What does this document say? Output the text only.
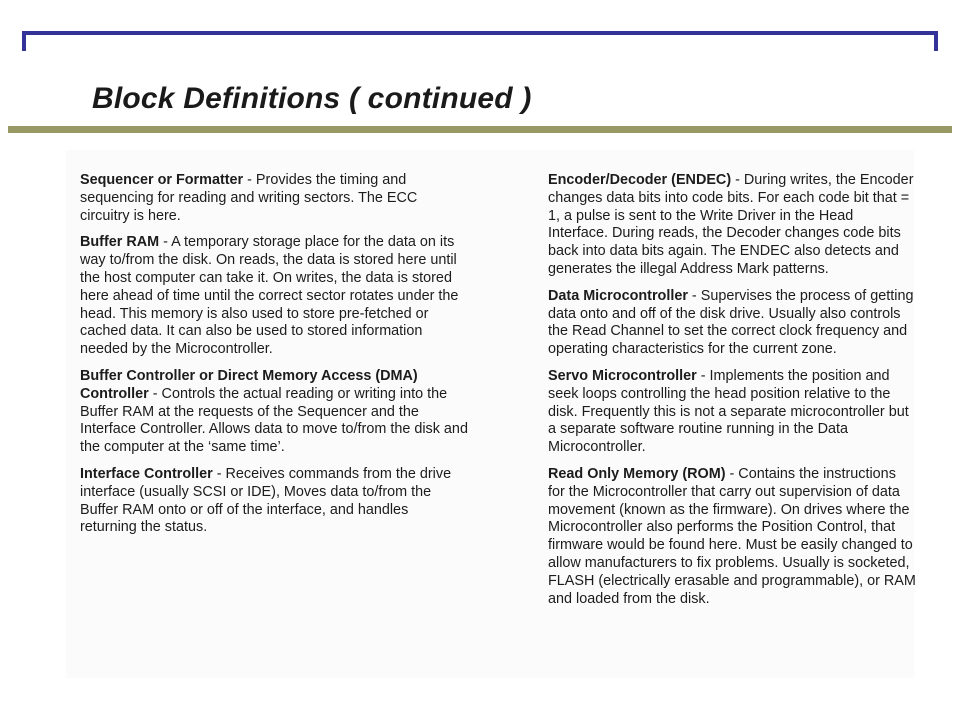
Block Definitions ( continued )

Sequencer or Formatter - Provides the timing and sequencing for reading and writing sectors. The ECC circuitry is here.

Buffer RAM - A temporary storage place for the data on its way to/from the disk. On reads, the data is stored here until the host computer can take it. On writes, the data is stored here ahead of time until the correct sector rotates under the head. This memory is also used to store pre-fetched or cached data. It can also be used to stored information needed by the Microcontroller.

Buffer Controller or Direct Memory Access (DMA) Controller - Controls the actual reading or writing into the Buffer RAM at the requests of the Sequencer and the Interface Controller. Allows data to move to/from the disk and the computer at the ‘same time’.

Interface Controller - Receives commands from the drive interface (usually SCSI or IDE), Moves data to/from the Buffer RAM onto or off of the interface, and handles returning the status.

Encoder/Decoder (ENDEC) - During writes, the Encoder changes data bits into code bits. For each code bit that = 1, a pulse is sent to the Write Driver in the Head Interface. During reads, the Decoder changes code bits back into data bits again. The ENDEC also detects and generates the illegal Address Mark patterns.

Data Microcontroller - Supervises the process of getting data onto and off of the disk drive. Usually also controls the Read Channel to set the correct clock frequency and operating characteristics for the current zone.

Servo Microcontroller - Implements the position and seek loops controlling the head position relative to the disk. Frequently this is not a separate microcontroller but a separate software routine running in the Data Microcontroller.

Read Only Memory (ROM) - Contains the instructions for the Microcontroller that carry out supervision of data movement (known as the firmware). On drives where the Microcontroller also performs the Position Control, that firmware would be found here. Must be easily changed to allow manufacturers to fix problems. Usually is socketed, FLASH (electrically erasable and programmable), or RAM and loaded from the disk.
